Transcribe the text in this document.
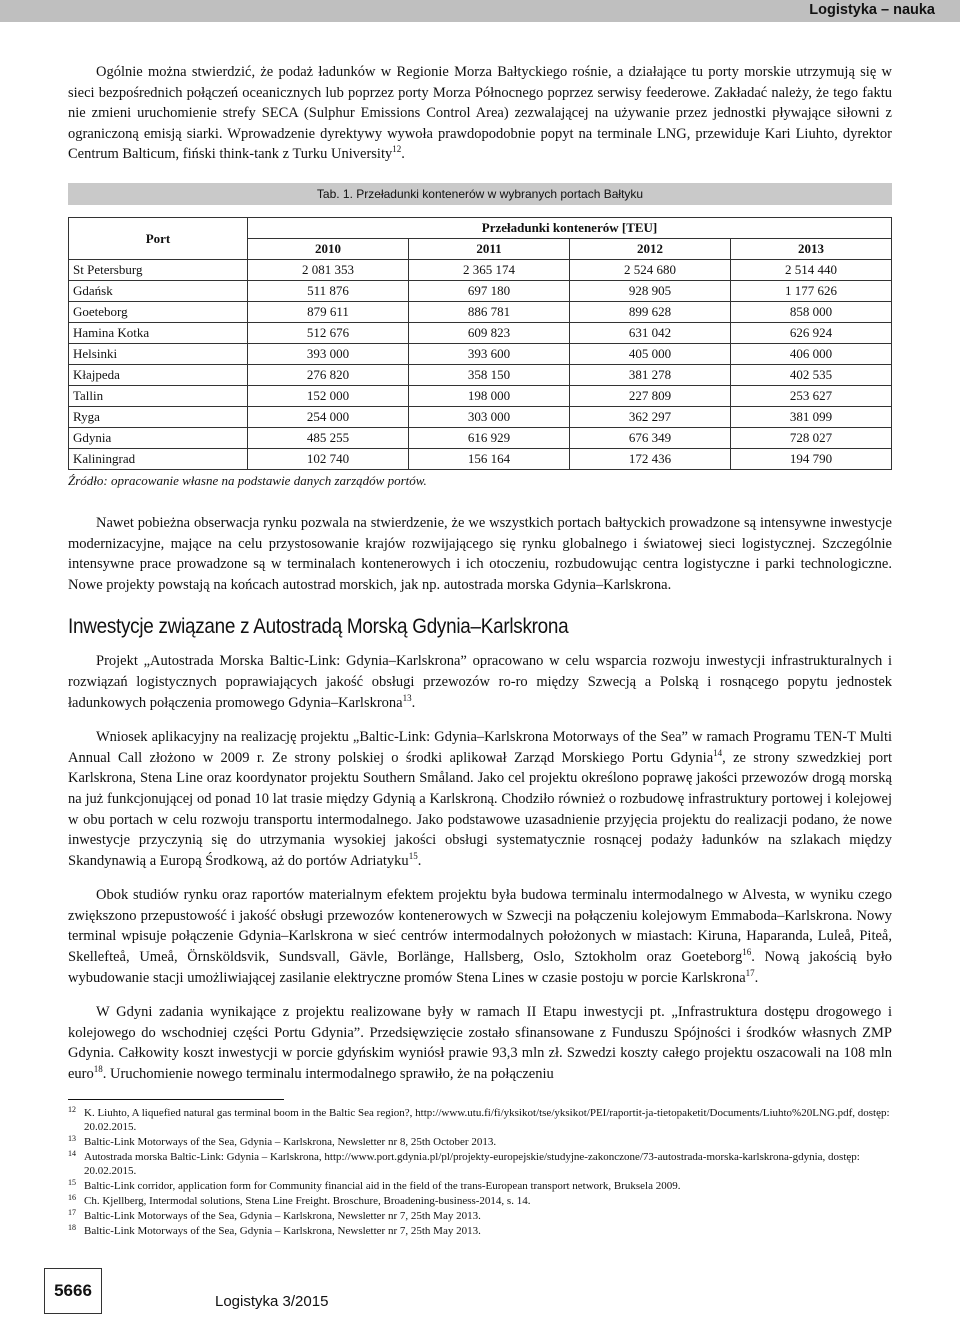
Logistyka – nauka

Ogólnie można stwierdzić, że podaż ładunków w Regionie Morza Bałtyckiego rośnie, a działające tu porty morskie utrzymują się w sieci bezpośrednich połączeń oceanicznych lub poprzez porty Morza Północnego poprzez serwisy feederowe. Zakładać należy, że tego faktu nie zmieni uruchomienie strefy SECA (Sulphur Emissions Control Area) zezwalającej na używanie przez jednostki pływające siłowni z ograniczoną emisją siarki. Wprowadzenie dyrektywy wywoła prawdopodobnie popyt na terminale LNG, przewiduje Kari Liuhto, dyrektor Centrum Balticum, fiński think-tank z Turku University$^{12}$.

Tab. 1. Przeładunki kontenerów w wybranych portach Bałtyku
Port	Przeładunki kontenerów [TEU]			
	2010	2011	2012	2013
St Petersburg	2 081 353	2 365 174	2 524 680	2 514 440
Gdańsk	511 876	697 180	928 905	1 177 626
Goeteborg	879 611	886 781	899 628	858 000
Hamina Kotka	512 676	609 823	631 042	626 924
Helsinki	393 000	393 600	405 000	406 000
Kłajpeda	276 820	358 150	381 278	402 535
Tallin	152 000	198 000	227 809	253 627
Ryga	254 000	303 000	362 297	381 099
Gdynia	485 255	616 929	676 349	728 027
Kaliningrad	102 740	156 164	172 436	194 790
Źródło: opracowanie własne na podstawie danych zarządów portów.

Nawet pobieżna obserwacja rynku pozwala na stwierdzenie, że we wszystkich portach bałtyckich prowadzone są intensywne inwestycje modernizacyjne, mające na celu przystosowanie krajów rozwijającego się rynku globalnego i światowej sieci logistycznej. Szczególnie intensywne prace prowadzone są w terminalach kontenerowych i ich otoczeniu, rozbudowując centra logistyczne i parki technologiczne. Nowe projekty powstają na końcach autostrad morskich, jak np. autostrada morska Gdynia–Karlskrona.

Inwestycje związane z Autostradą Morską Gdynia–Karlskrona

Projekt „Autostrada Morska Baltic-Link: Gdynia–Karlskrona” opracowano w celu wsparcia rozwoju inwestycji infrastrukturalnych i rozwiązań logistycznych poprawiających jakość obsługi przewozów ro-ro między Szwecją a Polską i rosnącego popytu jednostek ładunkowych połączenia promowego Gdynia–Karlskrona$^{13}$.

Wniosek aplikacyjny na realizację projektu „Baltic-Link: Gdynia–Karlskrona Motorways of the Sea” w ramach Programu TEN-T Multi Annual Call złożono w 2009 r. Ze strony polskiej o środki aplikował Zarząd Morskiego Portu Gdynia$^{14}$, ze strony szwedzkiej port Karlskrona, Stena Line oraz koordynator projektu Southern Småland. Jako cel projektu określono poprawę jakości przewozów drogą morską na już funkcjonującej od ponad 10 lat trasie między Gdynią a Karlskroną. Chodziło również o rozbudowę infrastruktury portowej i kolejowej w obu portach w celu rozwoju transportu intermodalnego. Jako podstawowe uzasadnienie przyjęcia projektu do realizacji podano, że nowe inwestycje przyczynią się do utrzymania wysokiej jakości obsługi systematycznie rosnącej podaży ładunków na szlakach między Skandynawią a Europą Środkową, aż do portów Adriatyku$^{15}$.

Obok studiów rynku oraz raportów materialnym efektem projektu była budowa terminalu intermodalnego w Alvesta, w wyniku czego zwiększono przepustowość i jakość obsługi przewozów kontenerowych w Szwecji na połączeniu kolejowym Emmaboda–Karlskrona. Nowy terminal wpisuje połączenie Gdynia–Karlskrona w sieć centrów intermodalnych położonych w miastach: Kiruna, Haparanda, Luleå, Piteå, Skellefteå, Umeå, Örnsköldsvik, Sundsvall, Gävle, Borlänge, Hallsberg, Oslo, Sztokholm oraz Goeteborg$^{16}$. Nową jakością było wybudowanie stacji umożliwiającej zasilanie elektryczne promów Stena Lines w czasie postoju w porcie Karlskrona$^{17}$.

W Gdyni zadania wynikające z projektu realizowane były w ramach II Etapu inwestycji pt. „Infrastruktura dostępu drogowego i kolejowego do wschodniej części Portu Gdynia”. Przedsięwzięcie zostało sfinansowane z Funduszu Spójności i środków własnych ZMP Gdynia. Całkowity koszt inwestycji w porcie gdyńskim wyniósł prawie 93,3 mln zł. Szwedzi koszty całego projektu oszacowali na 108 mln euro$^{18}$. Uruchomienie nowego terminalu intermodalnego sprawiło, że na połączeniu

12 K. Liuhto, A liquefied natural gas terminal boom in the Baltic Sea region?, http://www.utu.fi/fi/yksikot/tse/yksikot/PEI/raportit-ja-tietopaketit/Documents/Liuhto%20LNG.pdf, dostęp: 20.02.2015.
13 Baltic-Link Motorways of the Sea, Gdynia – Karlskrona, Newsletter nr 8, 25th October 2013.
14 Autostrada morska Baltic-Link: Gdynia – Karlskrona, http://www.port.gdynia.pl/pl/projekty-europejskie/studyjne-zakonczone/73-autostrada-morska-karlskrona-gdynia, dostęp: 20.02.2015.
15 Baltic-Link corridor, application form for Community financial aid in the field of the trans-European transport network, Bruksela 2009.
16 Ch. Kjellberg, Intermodal solutions, Stena Line Freight. Broschure, Broadening-business-2014, s. 14.
17 Baltic-Link Motorways of the Sea, Gdynia – Karlskrona, Newsletter nr 7, 25th May 2013.
18 Baltic-Link Motorways of the Sea, Gdynia – Karlskrona, Newsletter nr 7, 25th May 2013.
5666
Logistyka 3/2015
